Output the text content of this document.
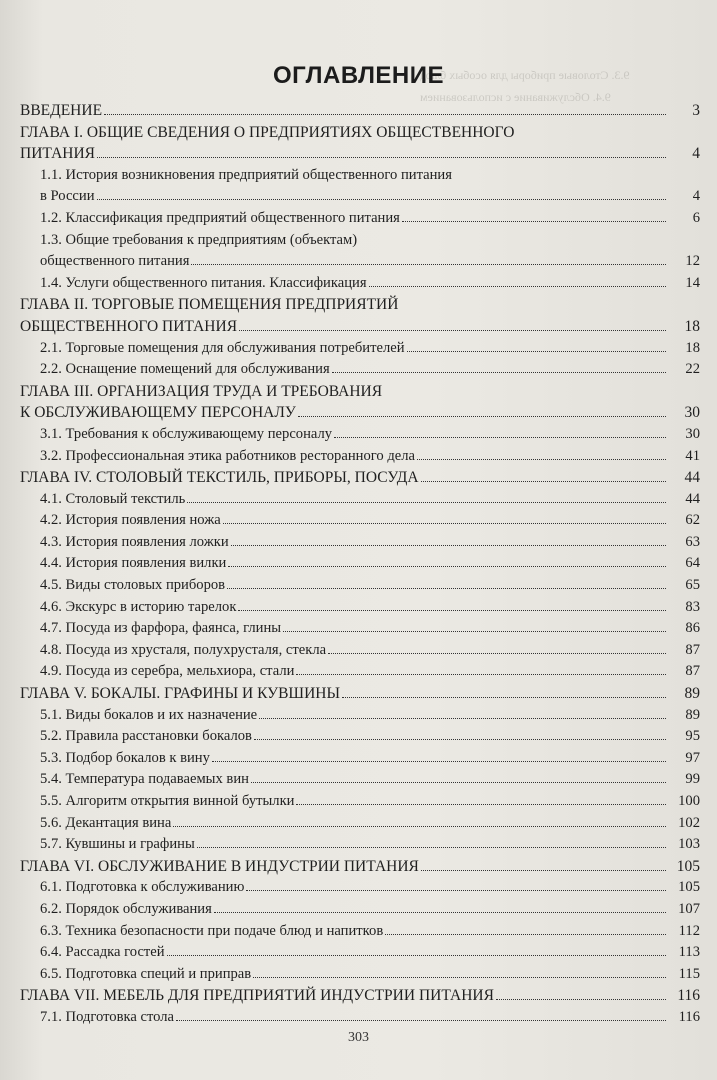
9.3. Столовые приборы для особых блюд
9.4. Обслуживание с использованием
ОГЛАВЛЕНИЕ
ВВЕДЕНИЕ	3
ГЛАВА I. ОБЩИЕ СВЕДЕНИЯ О ПРЕДПРИЯТИЯХ ОБЩЕСТВЕННОГО
ПИТАНИЯ	4
1.1. История возникновения предприятий общественного питания
в России	4
1.2. Классификация предприятий общественного питания	6
1.3. Общие требования к предприятиям (объектам)
общественного питания	12
1.4. Услуги общественного питания. Классификация	14
ГЛАВА II. ТОРГОВЫЕ ПОМЕЩЕНИЯ ПРЕДПРИЯТИЙ
ОБЩЕСТВЕННОГО ПИТАНИЯ	18
2.1. Торговые помещения для обслуживания потребителей	18
2.2. Оснащение помещений для обслуживания	22
ГЛАВА III. ОРГАНИЗАЦИЯ ТРУДА И ТРЕБОВАНИЯ
К ОБСЛУЖИВАЮЩЕМУ ПЕРСОНАЛУ	30
3.1. Требования к обслуживающему персоналу	30
3.2. Профессиональная этика работников ресторанного дела	41
ГЛАВА IV. СТОЛОВЫЙ ТЕКСТИЛЬ, ПРИБОРЫ, ПОСУДА	44
4.1. Столовый текстиль	44
4.2. История появления ножа	62
4.3. История появления ложки	63
4.4. История появления вилки	64
4.5. Виды столовых приборов	65
4.6. Экскурс в историю тарелок	83
4.7. Посуда из фарфора, фаянса, глины	86
4.8. Посуда из хрусталя, полухрусталя, стекла	87
4.9. Посуда из серебра, мельхиора, стали	87
ГЛАВА V. БОКАЛЫ. ГРАФИНЫ И КУВШИНЫ	89
5.1. Виды бокалов и их назначение	89
5.2. Правила расстановки бокалов	95
5.3. Подбор бокалов к вину	97
5.4. Температура подаваемых вин	99
5.5. Алгоритм открытия винной бутылки	100
5.6. Декантация вина	102
5.7. Кувшины и графины	103
ГЛАВА VI. ОБСЛУЖИВАНИЕ В ИНДУСТРИИ ПИТАНИЯ	105
6.1. Подготовка к обслуживанию	105
6.2. Порядок обслуживания	107
6.3. Техника безопасности при подаче блюд и напитков	112
6.4. Рассадка гостей	113
6.5. Подготовка специй и приправ	115
ГЛАВА VII. МЕБЕЛЬ ДЛЯ ПРЕДПРИЯТИЙ ИНДУСТРИИ ПИТАНИЯ	116
7.1. Подготовка стола	116
303
